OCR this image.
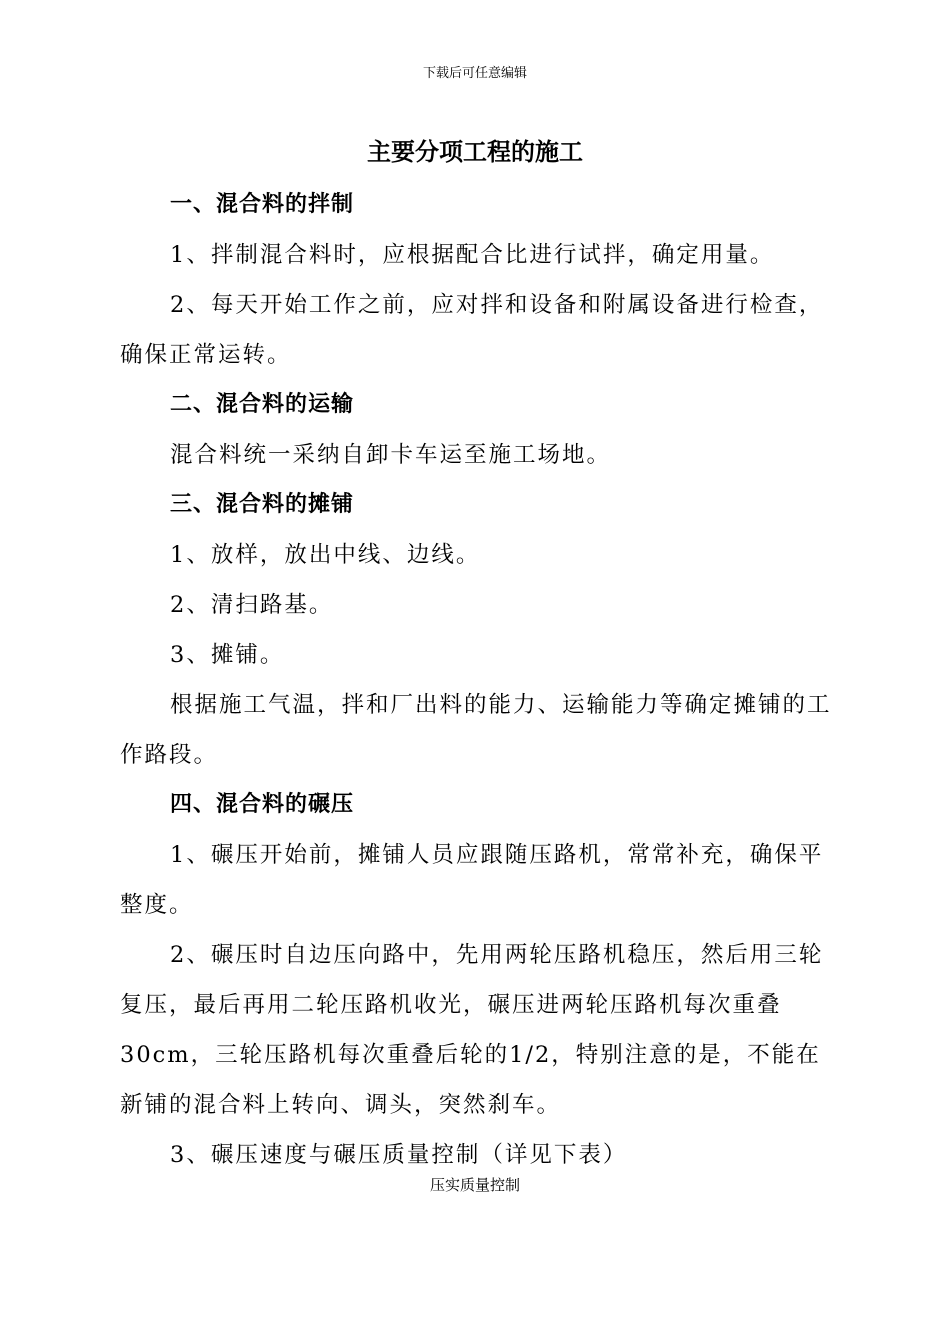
下载后可任意编辑
主要分项工程的施工

一、混合料的拌制

1、拌制混合料时，应根据配合比进行试拌，确定用量。

2、每天开始工作之前，应对拌和设备和附属设备进行检查，确保正常运转。

二、混合料的运输

混合料统一采纳自卸卡车运至施工场地。

三、混合料的摊铺

1、放样，放出中线、边线。

2、清扫路基。

3、摊铺。

根据施工气温，拌和厂出料的能力、运输能力等确定摊铺的工作路段。

四、混合料的碾压

1、碾压开始前，摊铺人员应跟随压路机，常常补充，确保平整度。

2、碾压时自边压向路中，先用两轮压路机稳压，然后用三轮复压，最后再用二轮压路机收光，碾压进两轮压路机每次重叠30cm，三轮压路机每次重叠后轮的1/2，特别注意的是，不能在新铺的混合料上转向、调头，突然刹车。

3、碾压速度与碾压质量控制（详见下表）

压实质量控制
